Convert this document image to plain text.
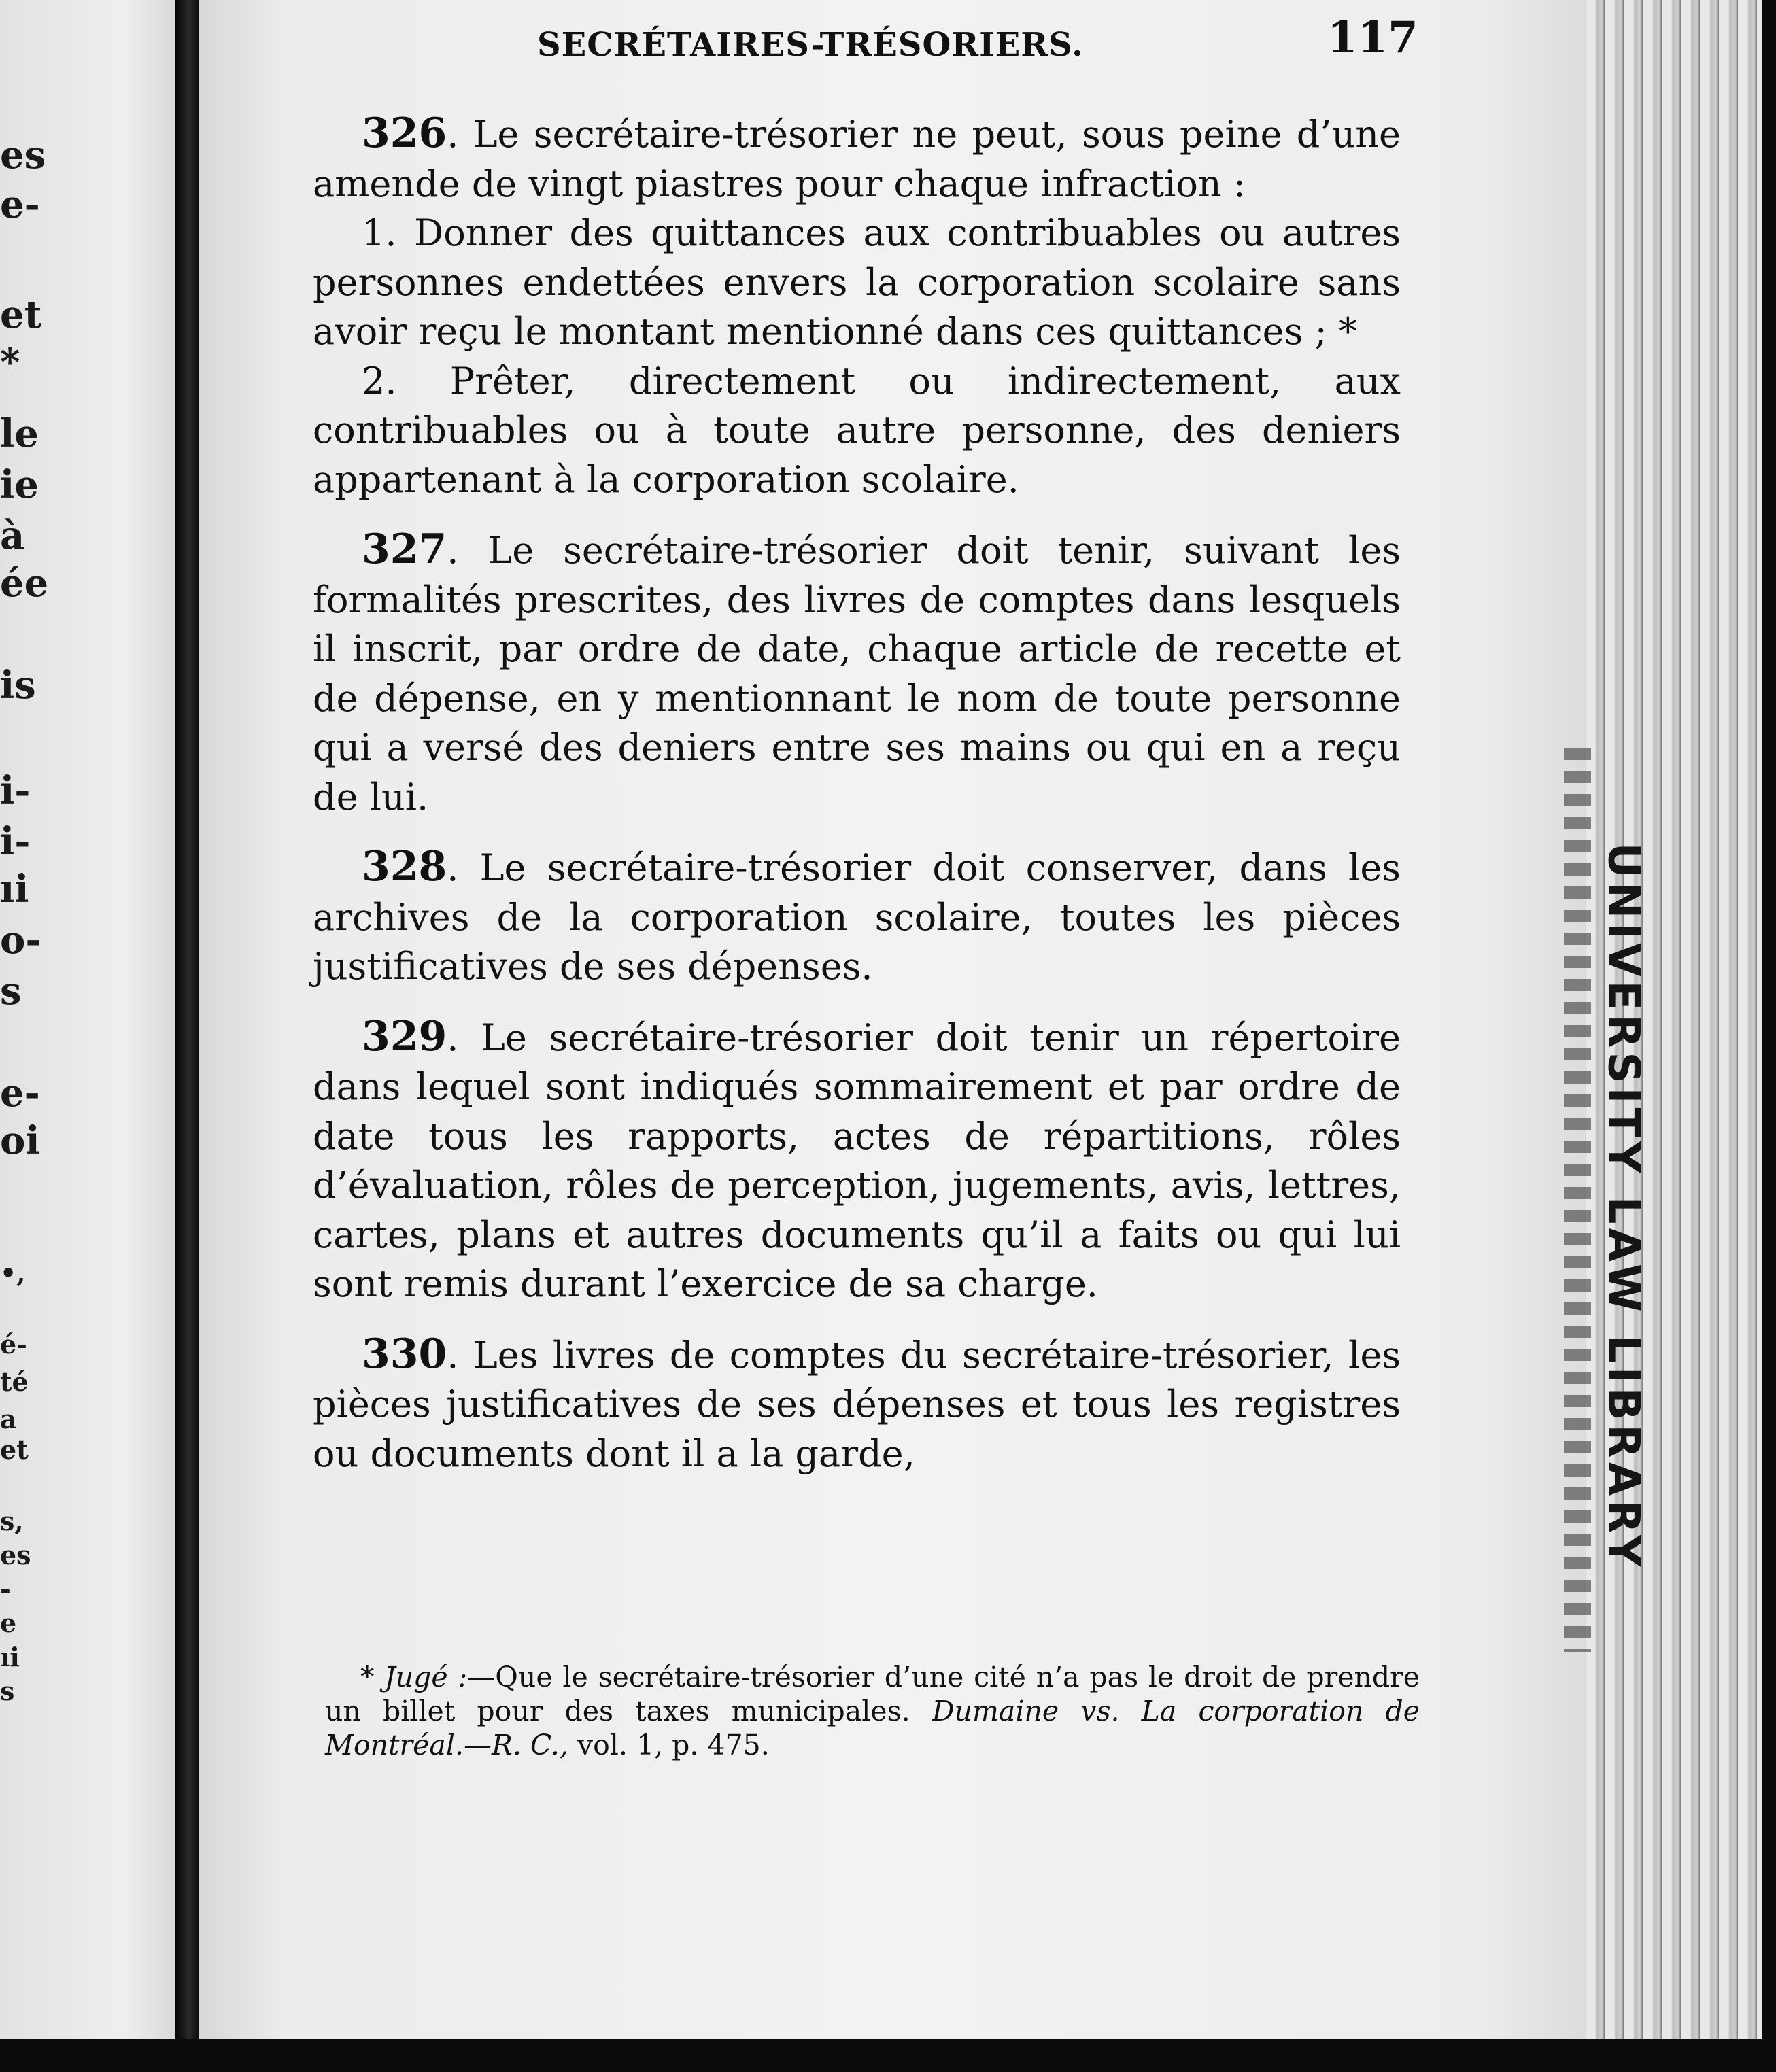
es
e-
et
*
le
ie
à
ée
is
i-
i-
ıi
o-
s
e-
oi
•,
é-
té
a
et
s,
es
-
e
ıi
s
UNIVERSITY LAW LIBRARY
SECRÉTAIRES-TRÉSORIERS.	117

326. Le secrétaire-trésorier ne peut, sous peine d’une amende de vingt piastres pour chaque infraction :

1. Donner des quittances aux contribuables ou autres personnes endettées envers la corporation scolaire sans avoir reçu le montant mentionné dans ces quittances ; *

2. Prêter, directement ou indirectement, aux contribuables ou à toute autre personne, des deniers appartenant à la corporation scolaire.

327. Le secrétaire-trésorier doit tenir, suivant les formalités prescrites, des livres de comptes dans lesquels il inscrit, par ordre de date, chaque article de recette et de dépense, en y mentionnant le nom de toute personne qui a versé des deniers entre ses mains ou qui en a reçu de lui.

328. Le secrétaire-trésorier doit conserver, dans les archives de la corporation scolaire, toutes les pièces justificatives de ses dépenses.

329. Le secrétaire-trésorier doit tenir un répertoire dans lequel sont indiqués sommairement et par ordre de date tous les rapports, actes de répartitions, rôles d’évaluation, rôles de perception, jugements, avis, lettres, cartes, plans et autres documents qu’il a faits ou qui lui sont remis durant l’exercice de sa charge.

330. Les livres de comptes du secrétaire-trésorier, les pièces justificatives de ses dépenses et tous les registres ou documents dont il a la garde,

* Jugé :—Que le secrétaire-trésorier d’une cité n’a pas le droit de prendre un billet pour des taxes municipales. Dumaine vs. La corporation de Montréal.—R. C., vol. 1, p. 475.
